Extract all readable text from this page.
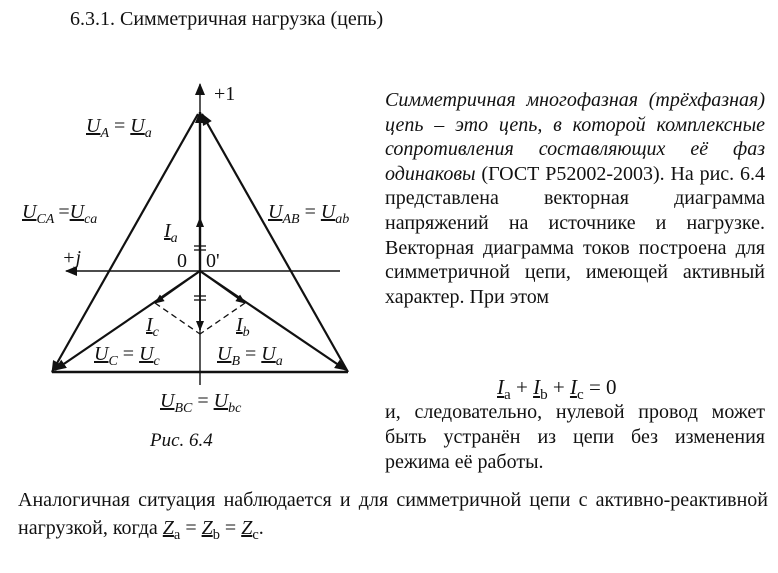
6.3.1. Симметричная нагрузка (цепь)
+1
+j	0 0'
$U_A = U_a$
$U_{CA} =U_{ca}$	$U_{AB} = U_{ab}$
$I_a$
$I_c$	$I_b$
$U_C = U_c$	$U_B = U_a$
$U_{BC} = U_{bc}$
Рис. 6.4
Симметричная многофазная (трёхфазная) цепь – это цепь, в которой комплексные сопротивления составляющих её фаз одинаковы (ГОСТ Р52002-2003). На рис. 6.4 представлена векторная диаграмма напряжений на источнике и нагрузке. Векторная диаграмма токов построена для симметричной цепи, имеющей активный характер. При этом
$I_a + I_b + I_c = 0$
и, следовательно, нулевой провод может быть устранён из цепи без изменения режима её работы.
Аналогичная ситуация наблюдается и для симметричной цепи с активно-реактивной нагрузкой, когда $Z_a = Z_b = Z_c$.
